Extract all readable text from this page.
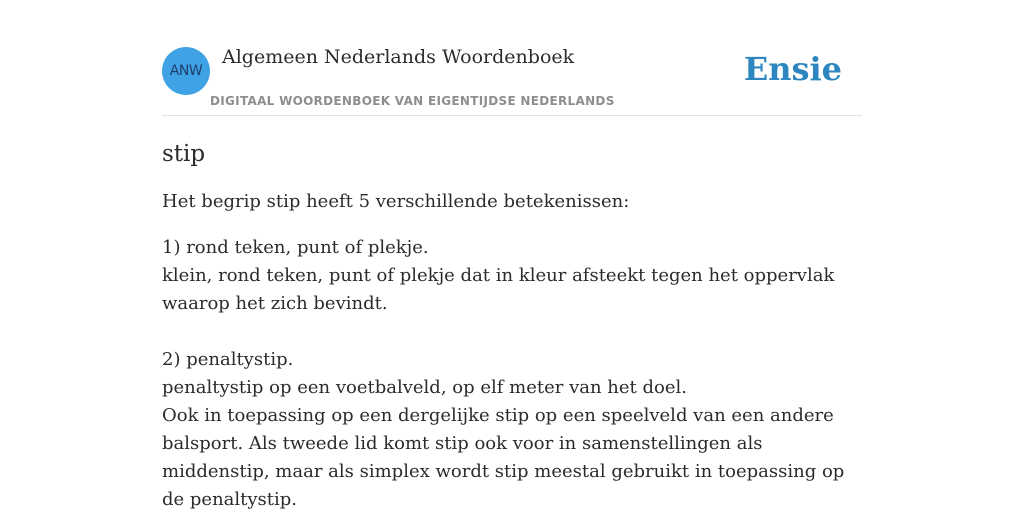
ANW
Algemeen Nederlands Woordenboek
DIGITAAL WOORDENBOEK VAN EIGENTIJDSE NEDERLANDS
Ensie
stip

Het begrip stip heeft 5 verschillende betekenissen:

1) rond teken, punt of plekje.
klein, rond teken, punt of plekje dat in kleur afsteekt tegen het oppervlak waarop het zich bevindt.
2) penaltystip.
penaltystip op een voetbalveld, op elf meter van het doel.
Ook in toepassing op een dergelijke stip op een speelveld van een andere balsport. Als tweede lid komt stip ook voor in samenstellingen als middenstip, maar als simplex wordt stip meestal gebruikt in toepassing op de penaltystip.
